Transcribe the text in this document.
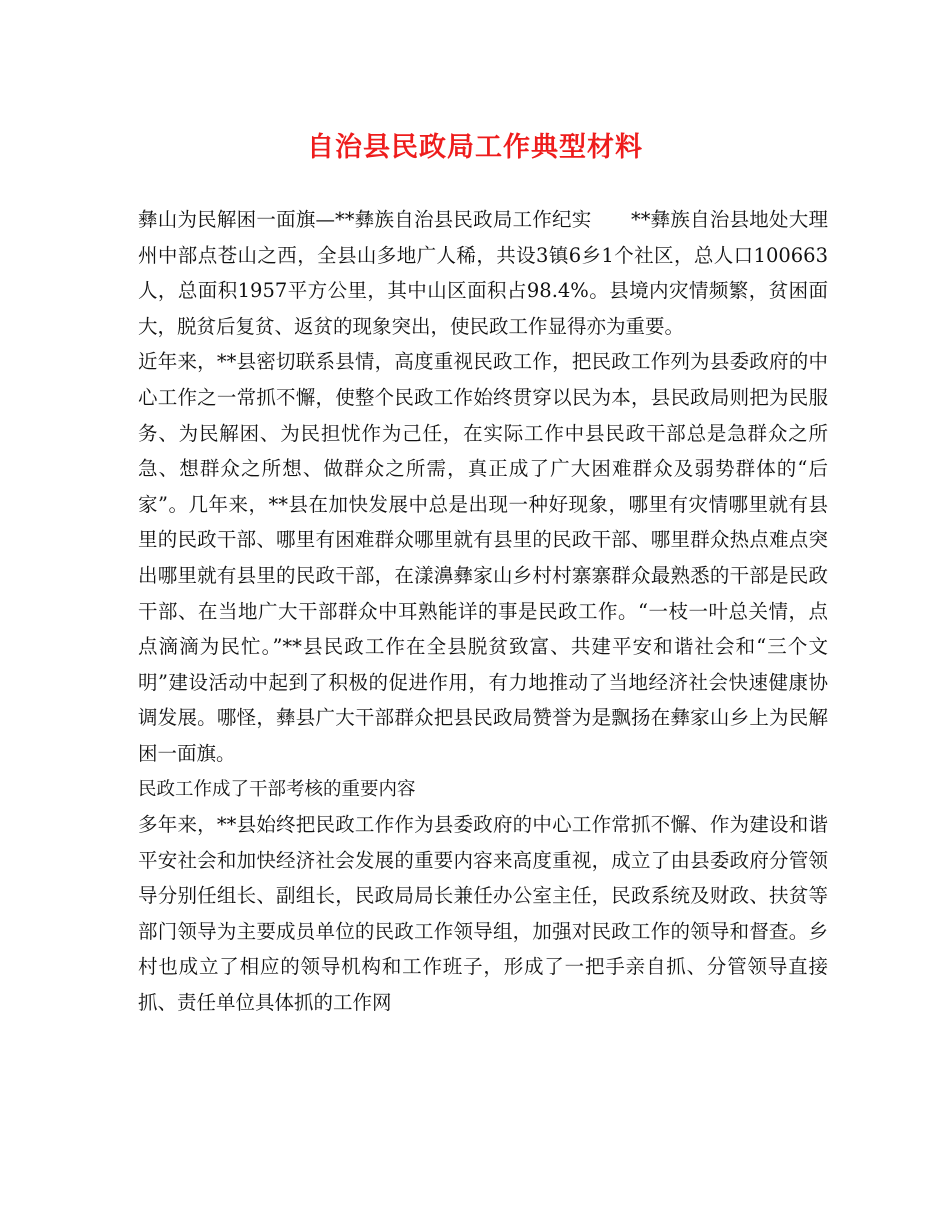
自治县民政局工作典型材料

彝山为民解困一面旗—**彝族自治县民政局工作纪实　　**彝族自治县地处大理州中部点苍山之西，全县山多地广人稀，共设3镇6乡1个社区，总人口100663人，总面积1957平方公里，其中山区面积占98.4%。县境内灾情频繁，贫困面大，脱贫后复贫、返贫的现象突出，使民政工作显得亦为重要。

近年来，**县密切联系县情，高度重视民政工作，把民政工作列为县委政府的中心工作之一常抓不懈，使整个民政工作始终贯穿以民为本，县民政局则把为民服务、为民解困、为民担忧作为己任，在实际工作中县民政干部总是急群众之所急、想群众之所想、做群众之所需，真正成了广大困难群众及弱势群体的“后家”。几年来，**县在加快发展中总是出现一种好现象，哪里有灾情哪里就有县里的民政干部、哪里有困难群众哪里就有县里的民政干部、哪里群众热点难点突出哪里就有县里的民政干部，在漾濞彝家山乡村村寨寨群众最熟悉的干部是民政干部、在当地广大干部群众中耳熟能详的事是民政工作。“一枝一叶总关情，点点滴滴为民忙。”**县民政工作在全县脱贫致富、共建平安和谐社会和“三个文明”建设活动中起到了积极的促进作用，有力地推动了当地经济社会快速健康协调发展。哪怪，彝县广大干部群众把县民政局赞誉为是飘扬在彝家山乡上为民解困一面旗。

民政工作成了干部考核的重要内容

多年来，**县始终把民政工作作为县委政府的中心工作常抓不懈、作为建设和谐平安社会和加快经济社会发展的重要内容来高度重视，成立了由县委政府分管领导分别任组长、副组长，民政局局长兼任办公室主任，民政系统及财政、扶贫等部门领导为主要成员单位的民政工作领导组，加强对民政工作的领导和督查。乡村也成立了相应的领导机构和工作班子，形成了一把手亲自抓、分管领导直接抓、责任单位具体抓的工作网
